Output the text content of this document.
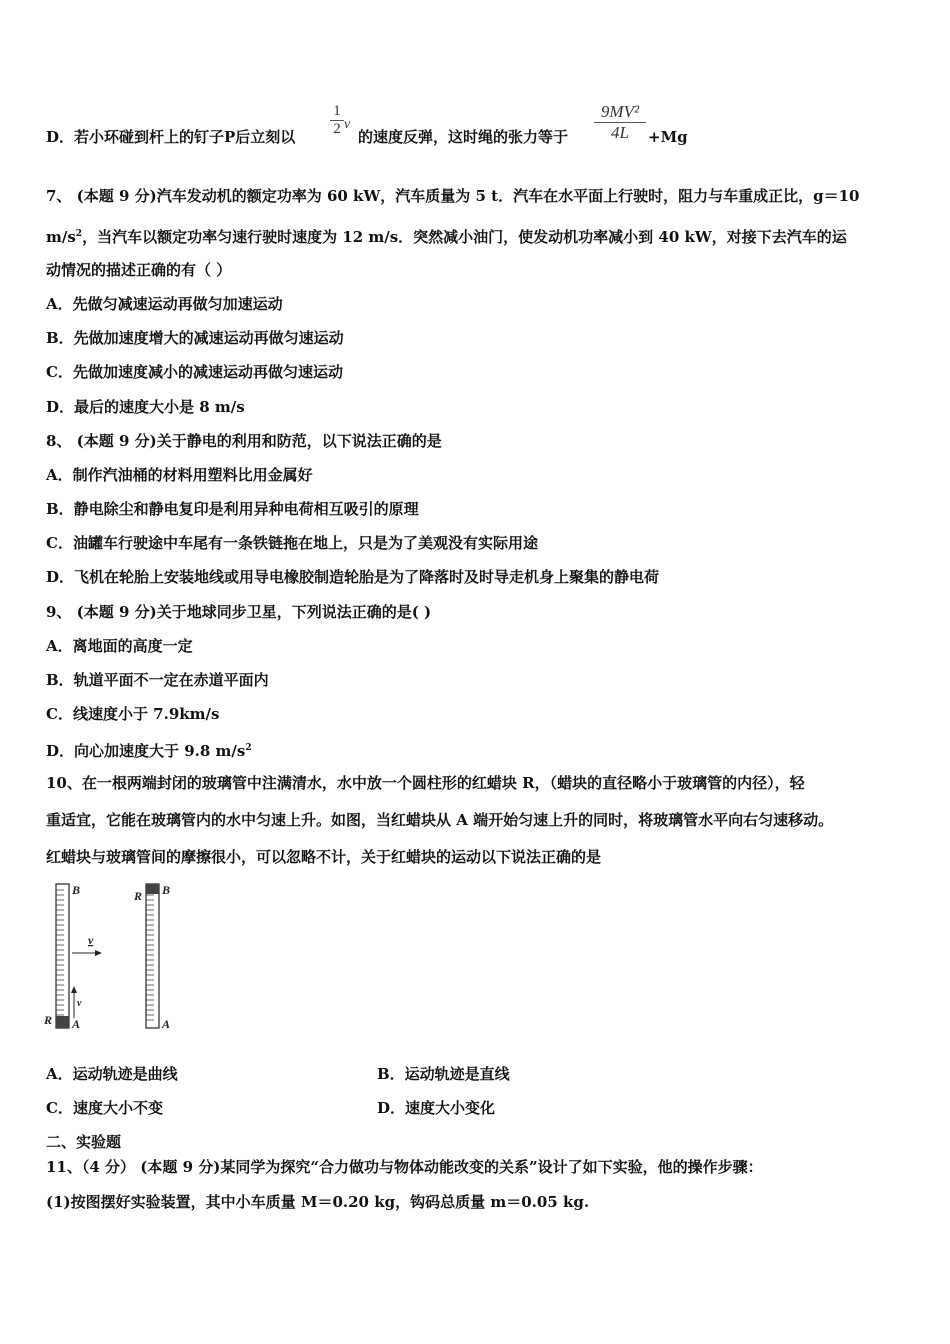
D．若小环碰到杆上的钉子P后立刻以
1
2 v
的速度反弹，这时绳的张力等于
9MV²
4L	+Mg
7、 (本题 9 分)汽车发动机的额定功率为 60 kW，汽车质量为 5 t．汽车在水平面上行驶时，阻力与车重成正比，g＝10
$m/s^2$，当汽车以额定功率匀速行驶时速度为 12 m/s．突然减小油门，使发动机功率减小到 40 kW，对接下去汽车的运
动情况的描述正确的有（ ）
A．先做匀减速运动再做匀加速运动
B．先做加速度增大的减速运动再做匀速运动
C．先做加速度减小的减速运动再做匀速运动
D．最后的速度大小是 8 m/s
8、 (本题 9 分)关于静电的利用和防范，以下说法正确的是
A．制作汽油桶的材料用塑料比用金属好
B．静电除尘和静电复印是利用异种电荷相互吸引的原理
C．油罐车行驶途中车尾有一条铁链拖在地上，只是为了美观没有实际用途
D．飞机在轮胎上安装地线或用导电橡胶制造轮胎是为了降落时及时导走机身上聚集的静电荷
9、 (本题 9 分)关于地球同步卫星，下列说法正确的是( )
A．离地面的高度一定
B．轨道平面不一定在赤道平面内
C．线速度小于 7.9km/s
D．向心加速度大于 9.8 $m/s^2$
10、在一根两端封闭的玻璃管中注满清水，水中放一个圆柱形的红蜡块 R，（蜡块的直径略小于玻璃管的内径），轻
重适宜，它能在玻璃管内的水中匀速上升。如图，当红蜡块从 A 端开始匀速上升的同时，将玻璃管水平向右匀速移动。
红蜡块与玻璃管间的摩擦很小，可以忽略不计，关于红蜡块的运动以下说法正确的是
B
A
R
v
v
B
A
R
A．运动轨迹是曲线	B．运动轨迹是直线
C．速度大小不变	D．速度大小变化
二、实验题
11、（4 分） (本题 9 分)某同学为探究“合力做功与物体动能改变的关系”设计了如下实验，他的操作步骤：
(1)按图摆好实验装置，其中小车质量 M＝0.20 kg，钩码总质量 m＝0.05 kg.
